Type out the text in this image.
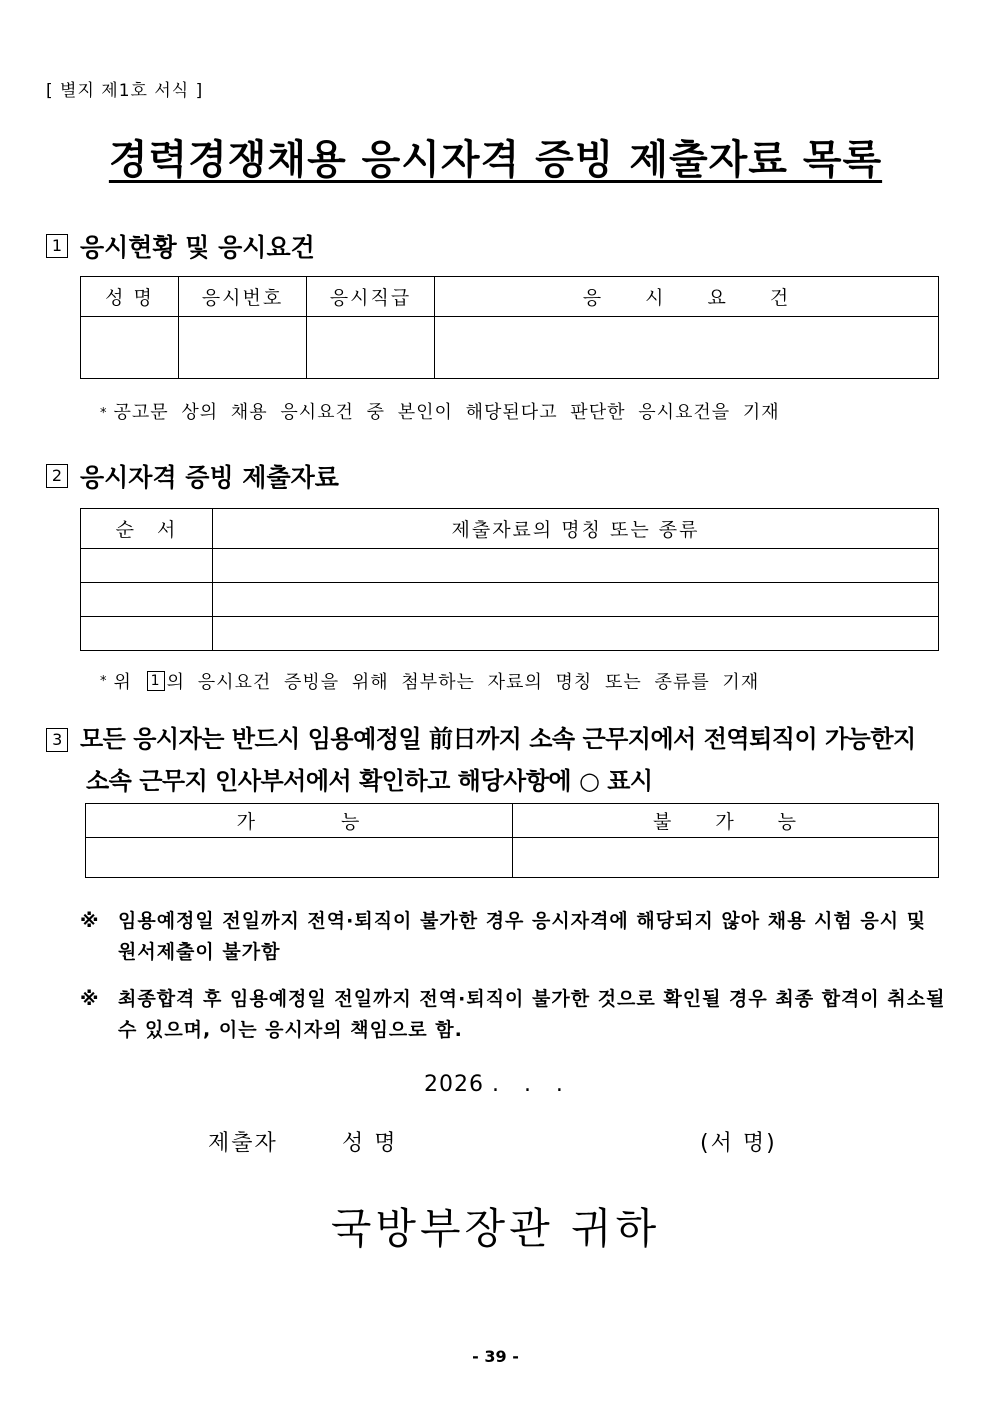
[ 별지 제1호 서식 ]
경력경쟁채용 응시자격 증빙 제출자료 목록
1 응시현황 및 응시요건
성 명	응시번호	응시직급	응　　시　　요　　건

* 공고문 상의 채용 응시요건 중 본인이 해당된다고 판단한 응시요건을 기재
2 응시자격 증빙 제출자료
순　서	제출자료의 명칭 또는 종류

* 위
1 의 응시요건 증빙을 위해 첨부하는 자료의 명칭 또는 종류를 기재
3 모든 응시자는 반드시 임용예정일 前日까지 소속 근무지에서 전역퇴직이 가능한지
소속 근무지 인사부서에서 확인하고 해당사항에 ○ 표시
가　　　　능	불　　가　　능

※ 임용예정일 전일까지 전역·퇴직이 불가한 경우 응시자격에 해당되지 않아 채용 시험 응시 및 원서제출이 불가함
※ 최종합격 후 임용예정일 전일까지 전역·퇴직이 불가한 것으로 확인될 경우 최종 합격이 취소될 수 있으며, 이는 응시자의 책임으로 함.
2026 .   .   .
제출자	성 명	(서 명)
국방부장관 귀하
- 39 -
